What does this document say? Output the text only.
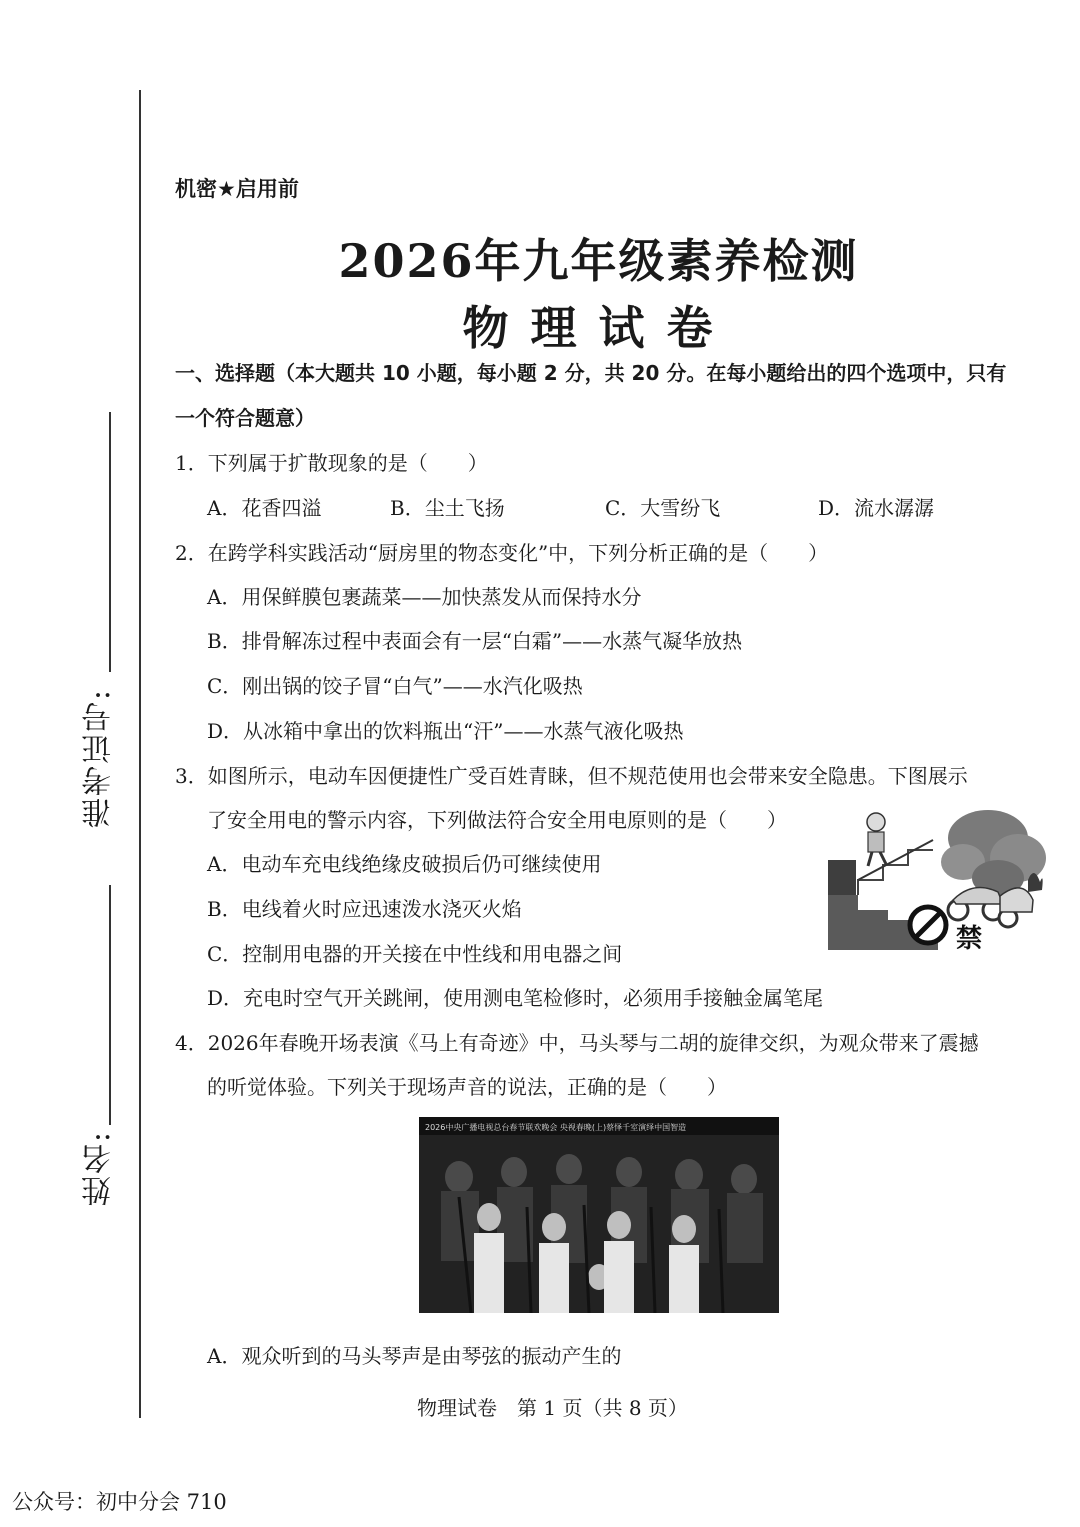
准考证号:
姓名:
机密★启用前
2026年九年级素养检测
物理试卷
一、选择题（本大题共 10 小题，每小题 2 分，共 20 分。在每小题给出的四个选项中，只有
一个符合题意）
1．下列属于扩散现象的是（　　）
A．花香四溢	B．尘土飞扬	C．大雪纷飞	D．流水潺潺
2．在跨学科实践活动“厨房里的物态变化”中，下列分析正确的是（　　）
A．用保鲜膜包裹蔬菜——加快蒸发从而保持水分
B．排骨解冻过程中表面会有一层“白霜”——水蒸气凝华放热
C．刚出锅的饺子冒“白气”——水汽化吸热
D．从冰箱中拿出的饮料瓶出“汗”——水蒸气液化吸热
3．如图所示，电动车因便捷性广受百姓青睐，但不规范使用也会带来安全隐患。下图展示
了安全用电的警示内容，下列做法符合安全用电原则的是（　　）
A．电动车充电线绝缘皮破损后仍可继续使用
B．电线着火时应迅速泼水浇灭火焰
C．控制用电器的开关接在中性线和用电器之间
D．充电时空气开关跳闸，使用测电笔检修时，必须用手接触金属笔尾
禁
4．2026年春晚开场表演《马上有奇迹》中，马头琴与二胡的旋律交织，为观众带来了震撼
的听觉体验。下列关于现场声音的说法，正确的是（　　）
2026中央广播电视总台春节联欢晚会 央视春晚(上)蔡怿千室演绎中国智造
A．观众听到的马头琴声是由琴弦的振动产生的
物理试卷　第 1 页（共 8 页）
公众号：初中分会 710
